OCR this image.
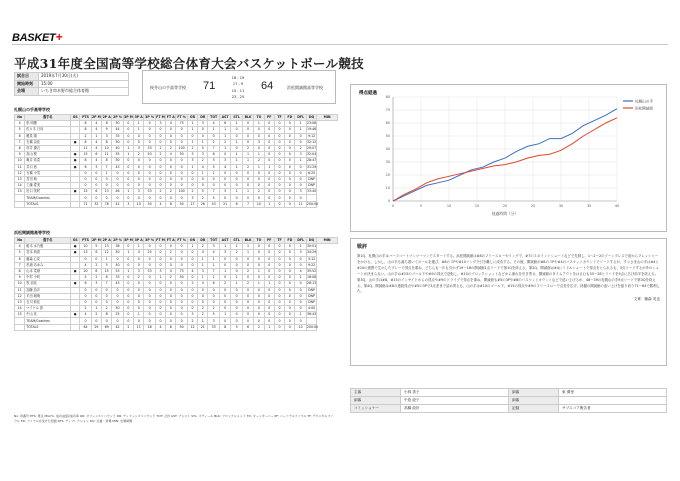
BASKET+
平成31年度全国高等学校総合体育大会バスケットボール競技
試合日	2019年7月30日(火)
開始時刻	15:00
会場	いちき串木野市総合体育館
桜井山の手高等学校 71
16 - 19
17 - 9
15 - 11
23 - 25
64	浜松開誠館高等学校
札幌山の手高等学校
No	選手名	GS	PTS	2P M	2P A	2P %	3P M	3P A	3P %	FT M	FT A	FT %	OR	DR	TOT	AST	STL	BLK	TO	PF	TF	FD	DFL	DQ	MIN
4	松 明穂		8	4	8	50	0	1	0	3	4	75	1	3	4	6	1	0	1	0	0	0	1	23:08	
5	佐々木 日向		8	4	9	44	0	1	0	0	0	0	1	0	1	1	0	0	0	0	0	0	1	19:46	
6	鶴見 陽		2	1	3	33	0	0	0	0	0	0	0	0	0	1	0	0	0	0	0	0	0	9:12	
7	石橋 由佳	●	8	4	8	50	0	0	0	0	0	0	1	1	2	2	1	0	3	0	0	0	0	32:12	
8	村井 優衣		11	4	10	40	1	3	33	2	2	100	2	5	7	1	0	2	0	0	0	0	2	29:07	
9	高山 桜	●	15	6	11	55	1	2	50	2	4	50	3	3	6	0	1	1	1	0	0	0	3	32:04	
10	亀井 佑菜	●	8	4	8	50	0	0	0	0	0	0	3	2	5	3	1	1	2	0	0	0	1	28:47	
11	井口 茜	●	6	3	7	43	0	0	0	0	0	0	1	4	5	4	1	2	1	1	0	0	0	31:29	
12	石橋 小雪		0	0	1	0	0	0	0	0	0	0	0	1	1	0	0	0	0	0	0	0	0	6:25	
13	宮田 萌		0	0	0	0	0	0	0	0	0	0	0	0	0	0	0	0	0	0	0	0	0	DNP	
14	工藤 愛美		0	0	0	0	0	0	0	0	0	0	0	0	0	0	0	0	0	0	0	0	0	DNP	
15	田口 美咲	●	15	6	13	46	1	3	33	2	2	100	2	5	7	3	1	1	2	0	0	0	3	33:40	
	TEAM/Coaches		0	0	0	0	0	0	0	0	0	0	3	2	5	0	0	0	0	0	0	0	0		
	TOTALS		71	32	78	41	3	10	30	4	8	50	17	26	43	21	6	7	10	1	0	0	11	200:00	
浜松開誠館高等学校
No	選手名	GS	PTS	2P M	2P A	2P %	3P M	3P A	3P %	FT M	FT A	FT %	OR	DR	TOT	AST	STL	BLK	TO	PF	TF	FD	DFL	DQ	MIN
4	船木 水乃雅	●	10	5	13	38	0	1	0	0	0	0	1	2	3	1	1	1	0	0	0	0	1	30:01	
5	宮本 尚恵	●	13	6	12	50	1	4	25	0	2	0	0	4	4	3	2	1	0	0	0	0	3	34:29	
6	藤森 心花		0	0	1	0	0	0	0	0	0	0	0	1	1	0	0	0	0	0	0	0	0	3:12	
7	杉浦 あゆみ		4	2	5	40	0	0	0	0	0	0	0	1	1	0	0	0	0	0	0	0	0	9:22	
8	山本 菜緒	●	20	8	15	53	1	3	33	3	4	75	4	3	7	1	0	2	1	0	0	0	4	35:52	
9	中村 小町		5	2	6	33	0	2	0	1	2	50	0	1	1	0	1	0	0	0	0	0	1	18:08	
10	牧 涼花	●	6	3	7	43	0	0	0	0	0	0	2	4	6	2	1	2	1	1	0	0	0	28:13	
11	加藤 詩歩		0	0	0	0	0	0	0	0	0	0	0	0	0	0	0	0	0	0	0	0	0	DNP	
12	平田 朝萌		0	0	0	0	0	0	0	0	0	0	0	0	0	0	0	0	0	0	0	0	0	DNP	
13	石川 莉佳		0	0	0	0	0	0	0	0	0	0	0	0	0	0	0	0	0	0	0	0	0	DNP	
14	マイケル 恵		2	1	2	50	0	0	0	0	0	0	0	2	2	0	0	0	0	0	0	0	0	4:00	
15	中山 花	●	4	2	8	25	0	1	0	0	0	0	3	2	5	1	0	0	0	0	0	0	1	36:43	
	TEAM/Coaches		0	0	0	0	0	0	0	0	0	0	2	1	3	0	0	0	0	0	0	0	0		
	TOTALS		64	29	69	42	2	11	18	4	8	50	12	21	33	8	5	6	2	1	0	0	10	200:00	
No: 背番号 PTS: 得点 M/A/%: 成功/試投/成功率 OR: オフェンスリバウンド DR: ディフェンスリバウンド TOT: 合計 AST: アシスト STL: スティール BLK: ブロックショット TO: ターンオーバー PF: パーソナルファウル TF: テクニカルファウル FD: ファウルを受けた回数 DFL: ディフレクション DQ: 失格・退場 MIN: 出場時間
得点経過
0
10
20
30
40
50
60
70
80
0	5	10	15	20	25	30	35	40
経過時間（分）
札幌山の手
浜松開誠館
戦評

第1Q、札幌山の手はハーフコートマンツーマンでスタートする。浜松開誠館は#8のフリースローやリングで、#7の３ポイントシュートなどで先制し、1〜2ー2のゾーンプレスで前からプレッシャーをかける。しかし、山の手も落ち着いてボールを運び、#8の３Pや#10リングで引き離しに成功する。その後、開誠館が#8の３Pや#4のバスケットカウントでリードするが、すぐさま山の手は#4と#10の連携で生かしたプレーで得点を重ね、どちらも一歩も引かず19ー16の開誠館1点リードで第1Qを終える。第2Q、開誠館は#4にミドルシュートで得点をとられるも、5点リードするが外のシュートが決まらない。山の手は#15のゴール下や#9の得点で逆転し、#10のブロックショットなどから流れを引き寄せ、開誠館のタイムアウトをはさむも33ー28とリードを5点に広げ前半を終える。第3Q、山の手は#8、#15のインサイドからの得点や#9のドライブで得点を重ね、開誠館も#5の3Pや#8のバスケットカウントなどで追い上げるが、48ー39の札幌山の手9点リードで第3Qを終える。第4Q、開誠館は#8の連続得点や#5の3Pで3点差まで詰め寄るも、山の手は#10のゴール下、#15の得点や#9のフリースローで点差を広げ、終盤の開誠館の追い上げを振り切り71ー64で勝利した。

文責：藤森 英也
主審	小林 善子	副審	東 優里
副審	中島 絵子	副審	
コミッショナー	高橋 政好	記録	サブスコア報告者
